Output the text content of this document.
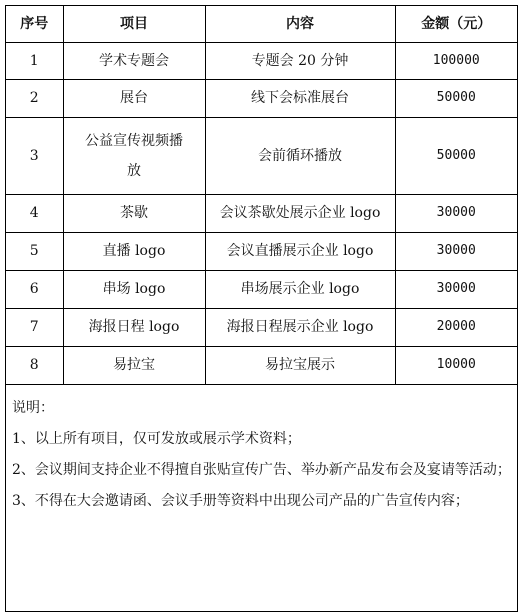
序号	项目	内容	金额（元）
1	学术专题会	专题会 20 分钟	100000
2	展台	线下会标准展台	50000
3	公益宣传视频播放	会前循环播放	50000
4	茶歇	会议茶歇处展示企业 logo	30000
5	直播 logo	会议直播展示企业 logo	30000
6	串场 logo	串场展示企业 logo	30000
7	海报日程 logo	海报日程展示企业 logo	20000
8	易拉宝	易拉宝展示	10000

说明：

1、以上所有项目，仅可发放或展示学术资料；

2、会议期间支持企业不得擅自张贴宣传广告、举办新产品发布会及宴请等活动；

3、不得在大会邀请函、会议手册等资料中出现公司产品的广告宣传内容；
